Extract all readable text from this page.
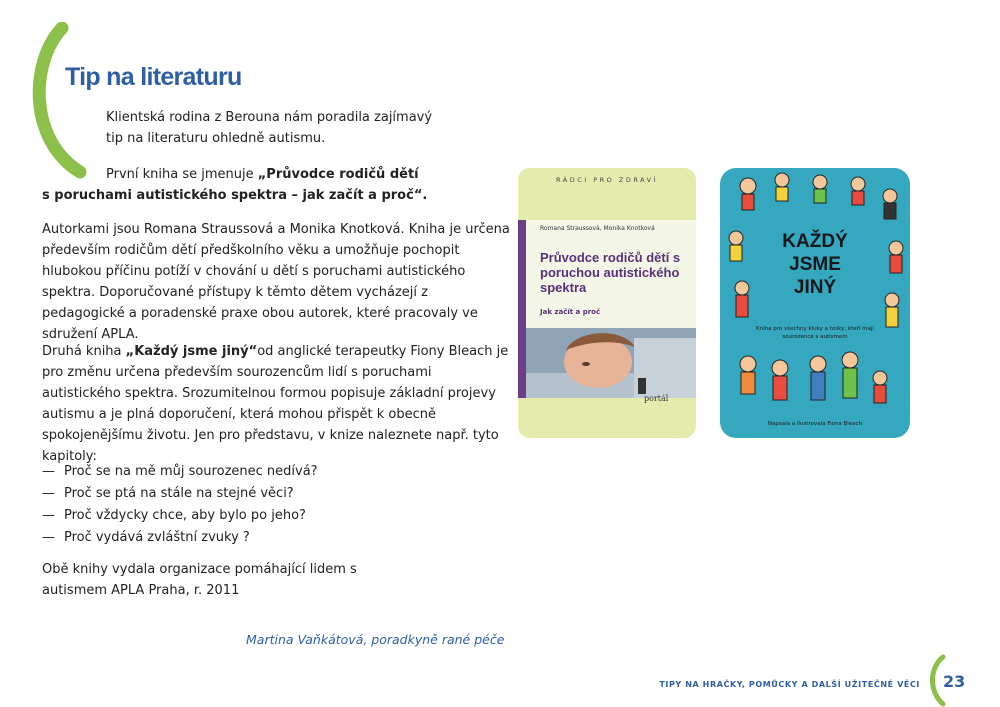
Tip na literaturu
Klientská rodina z Berouna nám poradila zajímavý tip na literaturu ohledně autismu.
První kniha se jmenuje „Průvodce rodičů dětí
s poruchami autistického spektra – jak začít a proč“.
Autorkami jsou Romana Straussová a Monika Knotková. Kniha je určena především rodičům dětí předškolního věku a umožňuje pochopit hlubokou příčinu potíží v chování u dětí s poruchami autistického spektra. Doporučované přístupy k těmto dětem vycházejí z pedagogické a poradenské praxe obou autorek, které pracovaly ve sdružení APLA.
Druhá kniha „Každý jsme jiný“od anglické terapeutky Fiony Bleach je pro změnu určena především sourozencům lidí s poruchami autistického spektra. Srozumitelnou formou popisuje základní projevy autismu a je plná doporučení, která mohou přispět k obecně spokojenějšímu životu. Jen pro představu, v knize naleznete např. tyto kapitoly:
— Proč se na mě můj sourozenec nedívá?
— Proč se ptá na stále na stejné věci?
— Proč vždycky chce, aby bylo po jeho?
— Proč vydává zvláštní zvuky ?
Obě knihy vydala organizace pomáhající lidem s autismem APLA Praha, r. 2011
Martina Vaňkátová, poradkyně rané péče
RÁDCI PRO ZDRAVÍ
Romana Straussová, Monika Knotková
Průvodce rodičů dětí s poruchou autistického spektra
Jak začít a proč
portál
KAŽDÝ
JSME
JINÝ
Kniha pro všechny kluky a holky, kteří mají sourozence s autismem
Napsala a ilustrovala Fiona Bleach
TIPY NA HRAČKY, POMŮCKY A DALŠÍ UŽITEČNÉ VĚCI 23
